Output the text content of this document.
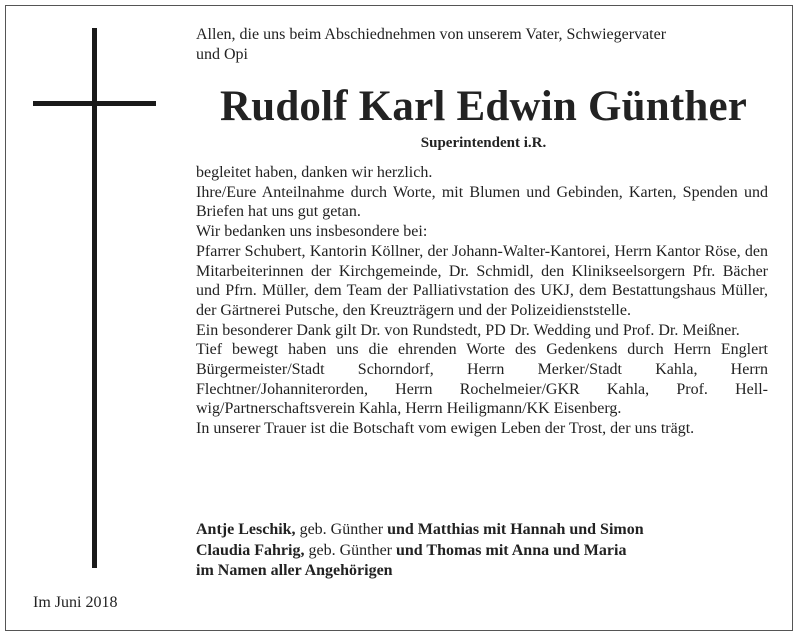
Allen, die uns beim Abschiednehmen von unserem Vater, Schwiegervater

und Opi

Rudolf Karl Edwin Günther
Superintendent i.R.

begleitet haben, danken wir herzlich.

Ihre/Eure Anteilnahme durch Worte, mit Blumen und Gebinden, Karten, Spenden und Briefen hat uns gut getan.

Wir bedanken uns insbesondere bei:

Pfarrer Schubert, Kantorin Köllner, der Johann-Walter-Kantorei, Herrn Kantor Röse, den Mitarbeiterinnen der Kirchgemeinde, Dr. Schmidl, den Klinikseelsorgern Pfr. Bächer und Pfrn. Müller, dem Team der Palliativstation des UKJ, dem Bestattungshaus Müller, der Gärtnerei Putsche, den Kreuzträgern und der Polizeidienststelle.

Ein besonderer Dank gilt Dr. von Rundstedt, PD Dr. Wedding und Prof. Dr. Meißner.

Tief bewegt haben uns die ehrenden Worte des Gedenkens durch Herrn Englert Bürgermeister/Stadt Schorndorf, Herrn Merker/Stadt Kahla, Herrn Flechtner/Johanniterorden, Herrn Rochelmeier/GKR Kahla, Prof. Hellwig/Partnerschaftsverein Kahla, Herrn Heiligmann/KK Eisenberg.

In unserer Trauer ist die Botschaft vom ewigen Leben der Trost, der uns trägt.

Antje Leschik, geb. Günther und Matthias mit Hannah und Simon

Claudia Fahrig, geb. Günther und Thomas mit Anna und Maria

im Namen aller Angehörigen

Im Juni 2018
